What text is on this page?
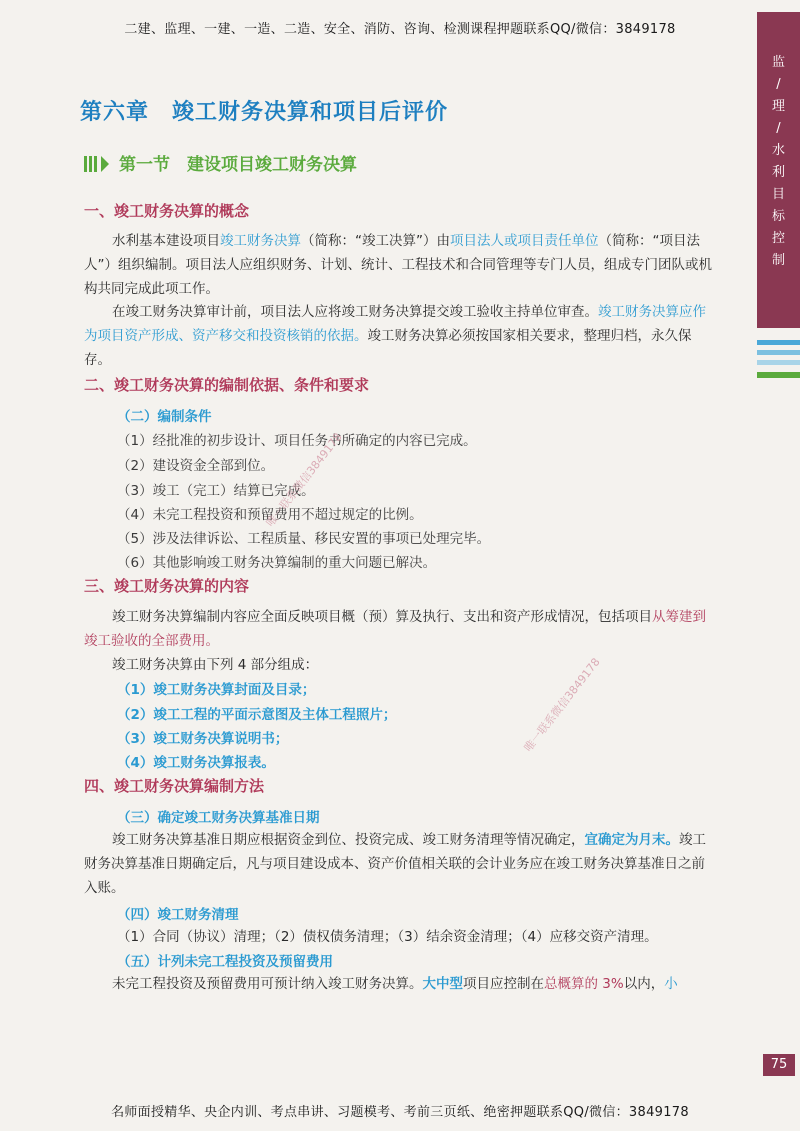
二建、监理、一建、一造、二造、安全、消防、咨询、检测课程押题联系QQ/微信：3849178
监
/
理
/
水
利
目
标
控
制
第六章　竣工财务决算和项目后评价
第一节　建设项目竣工财务决算
一、竣工财务决算的概念
水利基本建设项目竣工财务决算（简称：“竣工决算”）由项目法人或项目责任单位（简称：“项目法人”）组织编制。项目法人应组织财务、计划、统计、工程技术和合同管理等专门人员，组成专门团队或机构共同完成此项工作。
在竣工财务决算审计前，项目法人应将竣工财务决算提交竣工验收主持单位审查。竣工财务决算应作为项目资产形成、资产移交和投资核销的依据。竣工财务决算必须按国家相关要求，整理归档，永久保存。
二、竣工财务决算的编制依据、条件和要求
（二）编制条件
（1）经批准的初步设计、项目任务书所确定的内容已完成。
（2）建设资金全部到位。
（3）竣工（完工）结算已完成。
（4）未完工程投资和预留费用不超过规定的比例。
（5）涉及法律诉讼、工程质量、移民安置的事项已处理完毕。
（6）其他影响竣工财务决算编制的重大问题已解决。
三、竣工财务决算的内容
竣工财务决算编制内容应全面反映项目概（预）算及执行、支出和资产形成情况，包括项目从筹建到竣工验收的全部费用。
竣工财务决算由下列 4 部分组成：
（1）竣工财务决算封面及目录；
（2）竣工工程的平面示意图及主体工程照片；
（3）竣工财务决算说明书；
（4）竣工财务决算报表。
四、竣工财务决算编制方法
（三）确定竣工财务决算基准日期
竣工财务决算基准日期应根据资金到位、投资完成、竣工财务清理等情况确定，宜确定为月末。竣工财务决算基准日期确定后，凡与项目建设成本、资产价值相关联的会计业务应在竣工财务决算基准日之前入账。
（四）竣工财务清理
（1）合同（协议）清理；（2）债权债务清理；（3）结余资金清理；（4）应移交资产清理。
（五）计列未完工程投资及预留费用
未完工程投资及预留费用可预计纳入竣工财务决算。大中型项目应控制在总概算的 3%以内，小
唯一联系微信3849178
唯一联系微信3849178
75
名师面授精华、央企内训、考点串讲、习题模考、考前三页纸、绝密押题联系QQ/微信：3849178
